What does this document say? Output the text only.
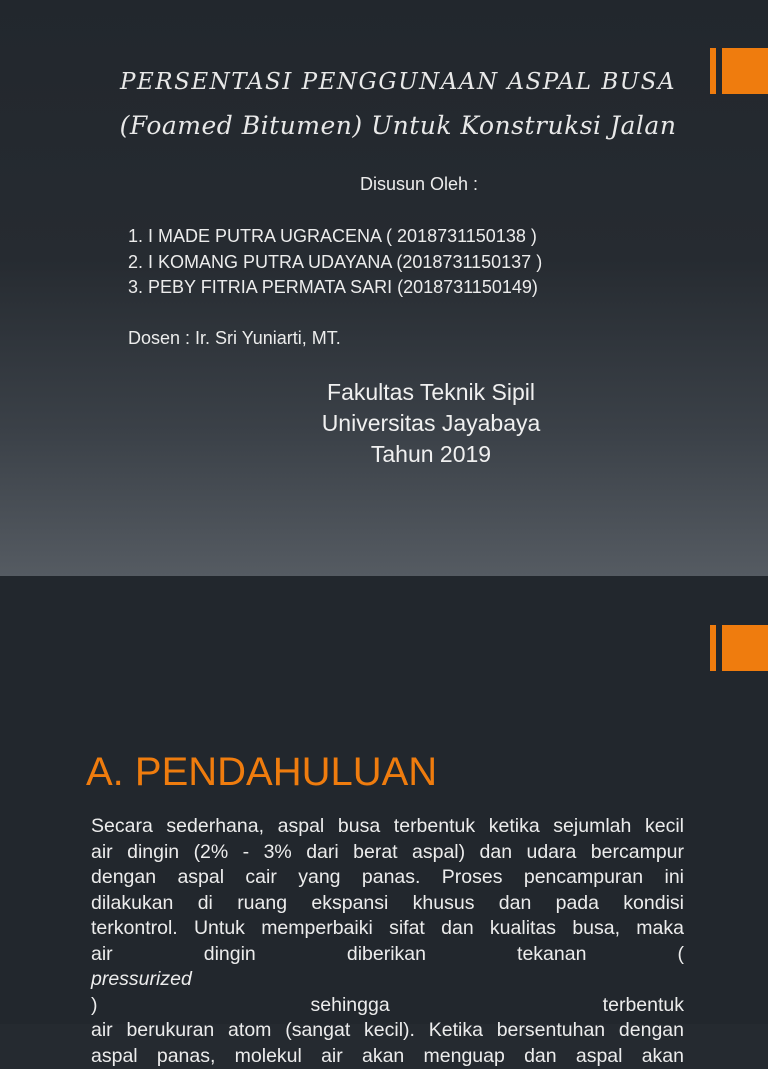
PERSENTASI PENGGUNAAN ASPAL BUSA
(Foamed Bitumen) Untuk Konstruksi Jalan
Disusun Oleh :
1. I MADE PUTRA UGRACENA ( 2018731150138 )
2. I KOMANG PUTRA UDAYANA (2018731150137 )
3. PEBY FITRIA PERMATA SARI (2018731150149)
Dosen : Ir. Sri Yuniarti, MT.
Fakultas Teknik Sipil
Universitas Jayabaya
Tahun 2019
A. PENDAHULUAN
Secara sederhana, aspal busa terbentuk ketika sejumlah kecil
air dingin (2% - 3% dari berat aspal) dan udara bercampur
dengan aspal cair yang panas. Proses pencampuran ini
dilakukan di ruang ekspansi khusus dan pada kondisi
terkontrol. Untuk memperbaiki sifat dan kualitas busa, maka
air dingin diberikan tekanan (
pressurized
) sehingga terbentuk
air berukuran atom (sangat kecil). Ketika bersentuhan dengan
aspal panas, molekul air akan menguap dan aspal akan
